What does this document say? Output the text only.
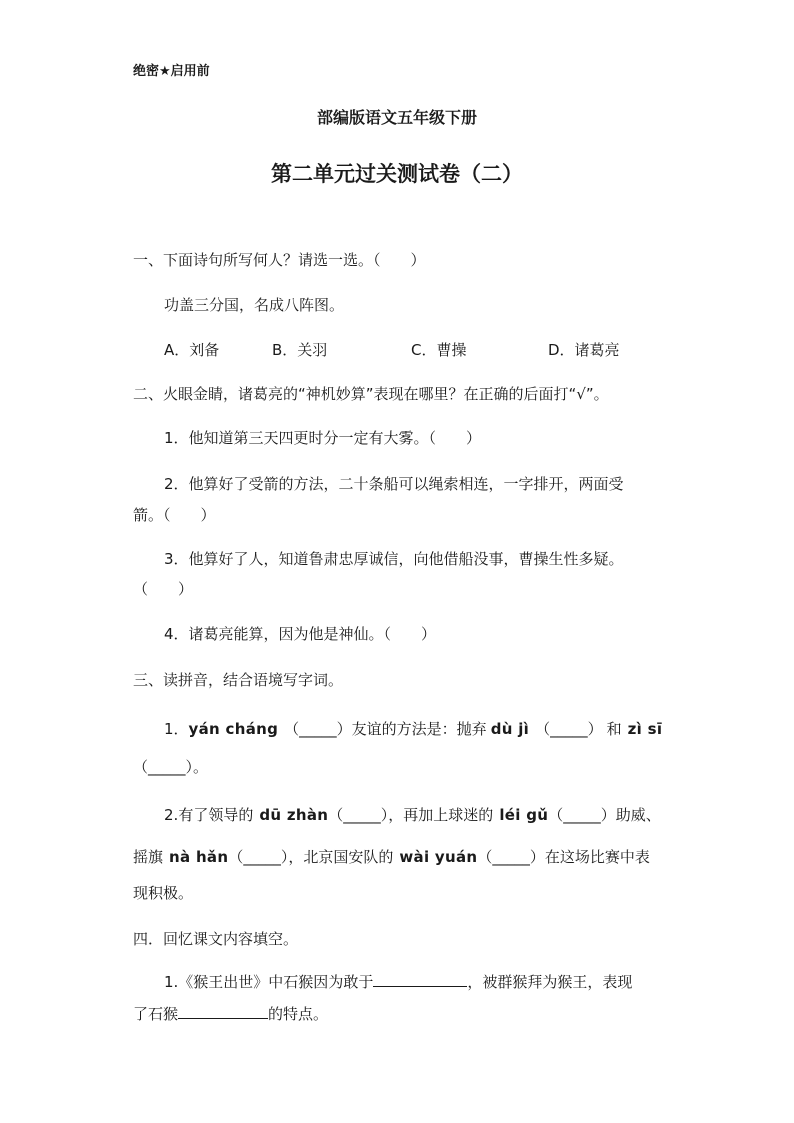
绝密★启用前
部编版语文五年级下册
第二单元过关测试卷（二）
一、下面诗句所写何人？请选一选。（　　）
功盖三分国，名成八阵图。
A．刘备	B．关羽	C．曹操	D．诸葛亮
二、火眼金睛，诸葛亮的“神机妙算”表现在哪里？在正确的后面打“√”。
1．他知道第三天四更时分一定有大雾。（　　）
2．他算好了受箭的方法，二十条船可以绳索相连，一字排开，两面受
箭。（　　）
3．他算好了人，知道鲁肃忠厚诚信，向他借船没事，曹操生性多疑。
（　　）
4．诸葛亮能算，因为他是神仙。（　　）
三、读拼音，结合语境写字词。
1．yán cháng （_____）友谊的方法是：抛弃 dù jì （_____） 和 zì sī
（_____）。
2.有了领导的 dū zhàn（_____），再加上球迷的 léi gǔ（_____）助威、
摇旗 nà hǎn（_____），北京国安队的 wài yuán（_____）在这场比赛中表
现积极。
四．回忆课文内容填空。
1.《猴王出世》中石猴因为敢于	，被群猴拜为猴王，表现
了石猴	的特点。
